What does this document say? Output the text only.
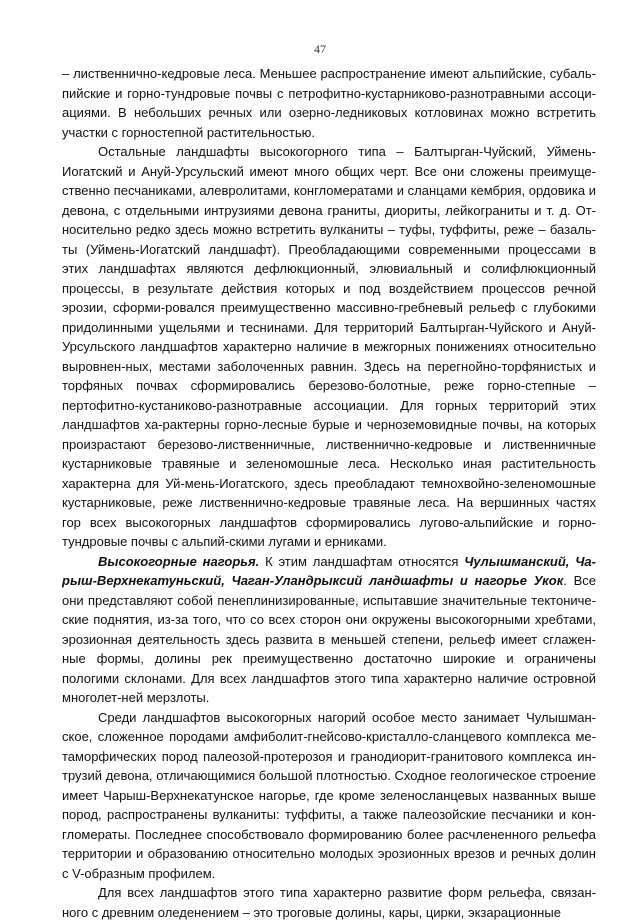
47

– лиственнично-кедровые леса. Меньшее распространение имеют альпийские, субаль-пийские и горно-тундровые почвы с петрофитно-кустарниково-разнотравными ассоци-ациями. В небольших речных или озерно-ледниковых котловинах можно встретить участки с горностепной растительностью.

Остальные ландшафты высокогорного типа – Балтырган-Чуйский, Уймень-Иогатский и Ануй-Урсульский имеют много общих черт. Все они сложены преимуще-ственно песчаниками, алевролитами, конгломератами и сланцами кембрия, ордовика и девона, с отдельными интрузиями девона граниты, диориты, лейкограниты и т. д. От-носительно редко здесь можно встретить вулканиты – туфы, туффиты, реже – базаль-ты (Уймень-Иогатский ландшафт). Преобладающими современными процессами в этих ландшафтах являются дефлюкционный, элювиальный и солифлюкционный процессы, в результате действия которых и под воздействием процессов речной эрозии, сформи-ровался преимущественно массивно-гребневый рельеф с глубокими придолинными ущельями и теснинами. Для территорий Балтырган-Чуйского и Ануй-Урсульского ландшафтов характерно наличие в межгорных понижениях относительно выровнен-ных, местами заболоченных равнин. Здесь на перегнойно-торфянистых и торфяных почвах сформировались березово-болотные, реже горно-степные – пертофитно-кустаниково-разнотравные ассоциации. Для горных территорий этих ландшафтов ха-рактерны горно-лесные бурые и черноземовидные почвы, на которых произрастают березово-лиственничные, лиственнично-кедровые и лиственничные кустарниковые травяные и зеленомошные леса. Несколько иная растительность характерна для Уй-мень-Иогатского, здесь преобладают темнохвойно-зеленомошные кустарниковые, реже лиственнично-кедровые травяные леса. На вершинных частях гор всех высокогорных ландшафтов сформировались лугово-альпийские и горно-тундровые почвы с альпий-скими лугами и ерниками.

Высокогорные нагорья. К этим ландшафтам относятся Чулышманский, Ча-рыш-Верхнекатуньский, Чаган-Уландрыксий ландшафты и нагорье Укок. Все они представляют собой пенеплинизированные, испытавшие значительные тектониче-ские поднятия, из-за того, что со всех сторон они окружены высокогорными хребтами, эрозионная деятельность здесь развита в меньшей степени, рельеф имеет сглажен-ные формы, долины рек преимущественно достаточно широкие и ограничены пологими склонами. Для всех ландшафтов этого типа характерно наличие островной многолет-ней мерзлоты.

Среди ландшафтов высокогорных нагорий особое место занимает Чулышман-ское, сложенное породами амфиболит-гнейсово-кристалло-сланцевого комплекса ме-таморфических пород палеозой-протерозоя и гранодиорит-гранитового комплекса ин-трузий девона, отличающимися большой плотностью. Сходное геологическое строение имеет Чарыш-Верхнекатунское нагорье, где кроме зеленосланцевых названных выше пород, распространены вулканиты: туффиты, а также палеозойские песчаники и кон-гломераты. Последнее способствовало формированию более расчлененного рельефа территории и образованию относительно молодых эрозионных врезов и речных долин с V-образным профилем.

Для всех ландшафтов этого типа характерно развитие форм рельефа, связан-ного с древним оледенением – это троговые долины, кары, цирки, экзарационные
